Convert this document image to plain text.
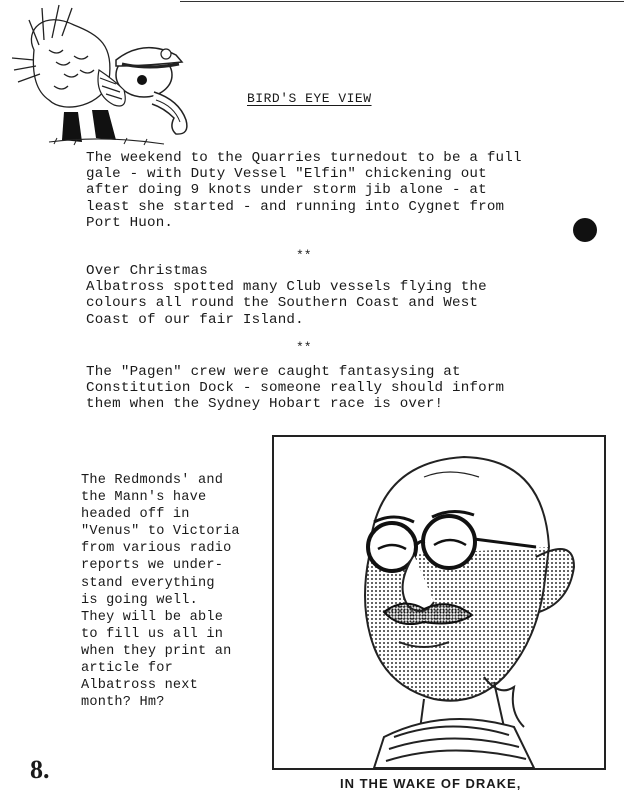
BIRD'S EYE VIEW
The weekend to the Quarries turnedout to be a full
gale - with Duty Vessel "Elfin" chickening out
after doing 9 knots under storm jib alone - at
least she started - and running into Cygnet from
Port Huon.
**
Over Christmas
Albatross spotted many Club vessels flying the
colours all round the Southern Coast and West
Coast of our fair Island.
**
The "Pagen" crew were caught fantasysing at
Constitution Dock - someone really should inform
them when the Sydney Hobart race is over!
The Redmonds' and
the Mann's have
headed off in
"Venus" to Victoria
from various radio
reports we under-
stand everything
is going well.
They will be able
to fill us all in
when they print an
article for
Albatross next
month? Hm?
IN THE WAKE OF DRAKE,
8.
